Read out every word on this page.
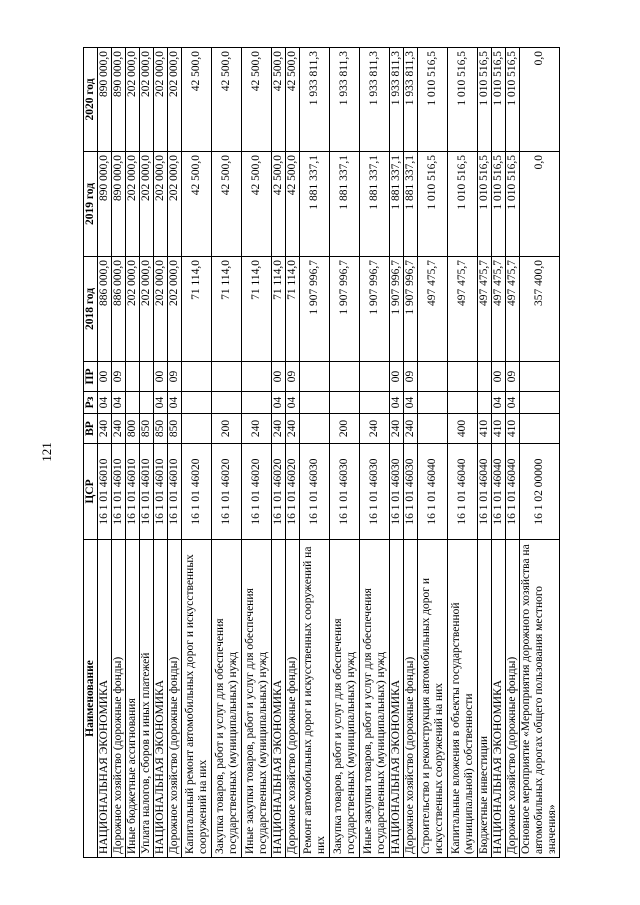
121
Наименование	ЦСР	ВР	Рз	ПР	2018 год	2019 год	2020 год
НАЦИОНАЛЬНАЯ ЭКОНОМИКА	16 1 01 46010	240	04	00	886 000,0	890 000,0	890 000,0
Дорожное хозяйство (дорожные фонды)	16 1 01 46010	240	04	09	886 000,0	890 000,0	890 000,0
Иные бюджетные ассигнования	16 1 01 46010	800			202 000,0	202 000,0	202 000,0
Уплата налогов, сборов и иных платежей	16 1 01 46010	850			202 000,0	202 000,0	202 000,0
НАЦИОНАЛЬНАЯ ЭКОНОМИКА	16 1 01 46010	850	04	00	202 000,0	202 000,0	202 000,0
Дорожное хозяйство (дорожные фонды)	16 1 01 46010	850	04	09	202 000,0	202 000,0	202 000,0
Капитальный ремонт автомобильных дорог и искусственных сооружений на них	16 1 01 46020				71 114,0	42 500,0	42 500,0
Закупка товаров, работ и услуг для обеспечения государственных (муниципальных) нужд	16 1 01 46020	200			71 114,0	42 500,0	42 500,0
Иные закупки товаров, работ и услуг для обеспечения государственных (муниципальных) нужд	16 1 01 46020	240			71 114,0	42 500,0	42 500,0
НАЦИОНАЛЬНАЯ ЭКОНОМИКА	16 1 01 46020	240	04	00	71 114,0	42 500,0	42 500,0
Дорожное хозяйство (дорожные фонды)	16 1 01 46020	240	04	09	71 114,0	42 500,0	42 500,0
Ремонт автомобильных дорог и искусственных сооружений на них	16 1 01 46030				1 907 996,7	1 881 337,1	1 933 811,3
Закупка товаров, работ и услуг для обеспечения государственных (муниципальных) нужд	16 1 01 46030	200			1 907 996,7	1 881 337,1	1 933 811,3
Иные закупки товаров, работ и услуг для обеспечения государственных (муниципальных) нужд	16 1 01 46030	240			1 907 996,7	1 881 337,1	1 933 811,3
НАЦИОНАЛЬНАЯ ЭКОНОМИКА	16 1 01 46030	240	04	00	1 907 996,7	1 881 337,1	1 933 811,3
Дорожное хозяйство (дорожные фонды)	16 1 01 46030	240	04	09	1 907 996,7	1 881 337,1	1 933 811,3
Строительство и реконструкция автомобильных дорог и искусственных сооружений на них	16 1 01 46040				497 475,7	1 010 516,5	1 010 516,5
Капитальные вложения в объекты государственной (муниципальной) собственности	16 1 01 46040	400			497 475,7	1 010 516,5	1 010 516,5
Бюджетные инвестиции	16 1 01 46040	410			497 475,7	1 010 516,5	1 010 516,5
НАЦИОНАЛЬНАЯ ЭКОНОМИКА	16 1 01 46040	410	04	00	497 475,7	1 010 516,5	1 010 516,5
Дорожное хозяйство (дорожные фонды)	16 1 01 46040	410	04	09	497 475,7	1 010 516,5	1 010 516,5
Основное мероприятие «Мероприятия дорожного хозяйства на автомобильных дорогах общего пользования местного значения»	16 1 02 00000				357 400,0	0,0	0,0
